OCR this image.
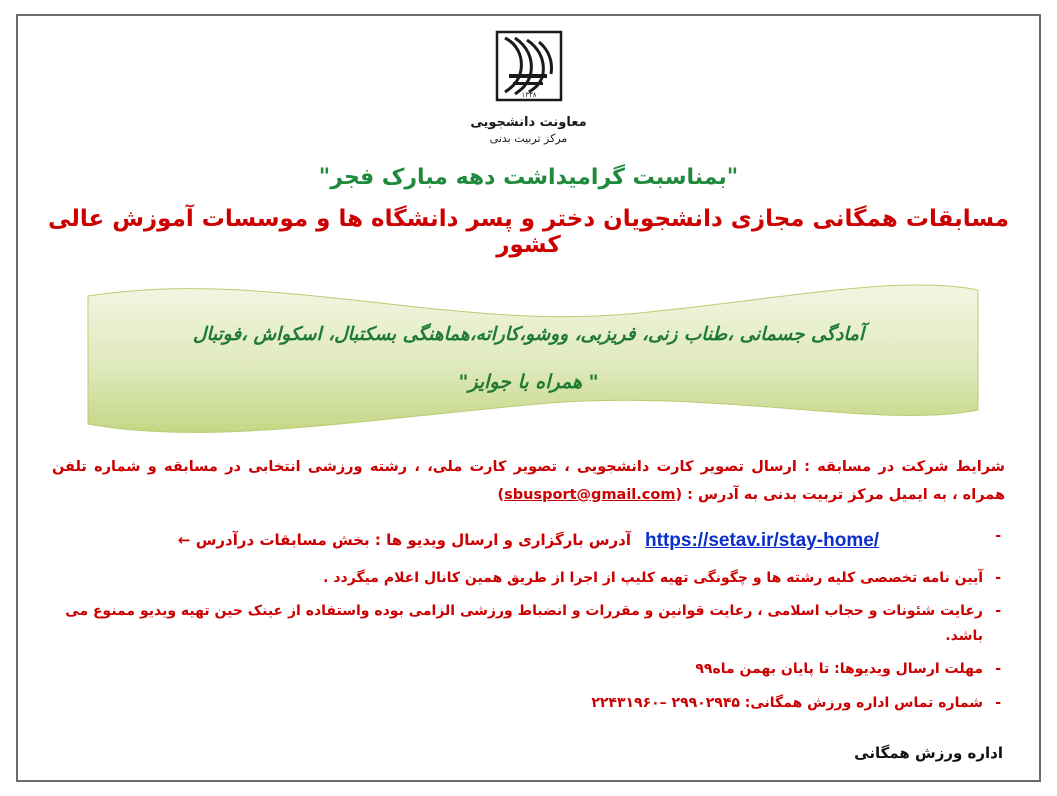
۱۳۳۸
معاونت دانشجویی
مرکز تربیت بدنی
"بمناسبت گرامیداشت دهه مبارک فجر"
مسابقات همگانی مجازی دانشجویان دختر و پسر دانشگاه ها و موسسات آموزش عالی کشور
آمادگی جسمانی ،طناب زنی، فریزبی، ووشو،کاراته،هماهنگی بسکتبال، اسکواش ،فوتبال
" همراه با جوایز"

شرایط شرکت در مسابقه : ارسال تصویر کارت دانشجویی ، تصویر کارت ملی، ، رشته ورزشی انتخابی در مسابقه و شماره تلفن همراه ، به ایمیل مرکز تربیت بدنی به آدرس : (sbusport@gmail.com)

- https://setav.ir/stay-home/
آدرس بارگزاری و ارسال ویدیو ها : بخش مسابقات درآدرس ←
- آیین نامه تخصصی کلیه رشته ها و چگونگی تهیه کلیپ از اجرا از طریق همین کانال اعلام میگردد .
- رعایت شئونات و حجاب اسلامی ، رعایت قوانین و مقررات و انضباط ورزشی الزامی بوده واستفاده از عینک حین تهیه ویدیو ممنوع می باشد.
- مهلت ارسال ویدیوها: تا پایان بهمن ماه۹۹
- شماره تماس اداره ورزش همگانی: ۲۹۹۰۲۹۴۵ –۲۲۴۳۱۹۶۰
اداره ورزش همگانی
